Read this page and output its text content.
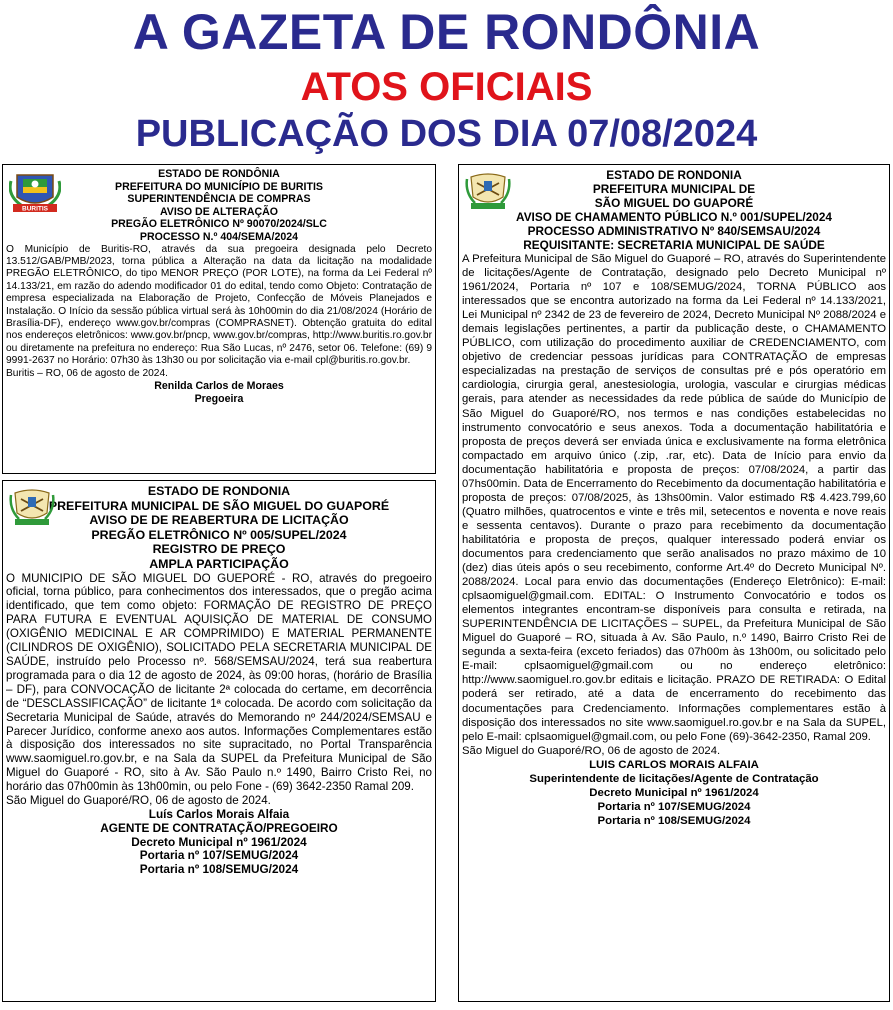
A GAZETA DE RONDÔNIA
ATOS OFICIAIS
PUBLICAÇÃO DOS DIA 07/08/2024
BURITIS

ESTADO DE RONDÔNIA

PREFEITURA DO MUNICÍPIO DE BURITIS

SUPERINTENDÊNCIA DE COMPRAS

AVISO DE ALTERAÇÃO

PREGÃO ELETRÔNICO Nº 90070/2024/SLC

PROCESSO N.º 404/SEMA/2024

O Município de Buritis-RO, através da sua pregoeira designada pelo Decreto 13.512/GAB/PMB/2023, torna pública a Alteração na data da licitação na modalidade PREGÃO ELETRÔNICO, do tipo MENOR PREÇO (POR LOTE), na forma da Lei Federal nº 14.133/21, em razão do adendo modificador 01 do edital, tendo como Objeto: Contratação de empresa especializada na Elaboração de Projeto, Confecção de Móveis Planejados e Instalação. O Início da sessão pública virtual será às 10h00min do dia 21/08/2024 (Horário de Brasília-DF), endereço www.gov.br/compras (COMPRASNET). Obtenção gratuita do edital nos endereços eletrônicos: www.gov.br/pncp, www.gov.br/compras, http://www.buritis.ro.gov.br ou diretamente na prefeitura no endereço: Rua São Lucas, nº 2476, setor 06. Telefone: (69) 9 9991-2637 no Horário: 07h30 às 13h30 ou por solicitação via e-mail cpl@buritis.ro.gov.br.

Buritis – RO, 06 de agosto de 2024.

Renilda Carlos de Moraes

Pregoeira

ESTADO DE RONDONIA

PREFEITURA MUNICIPAL DE SÃO MIGUEL DO GUAPORÉ

AVISO DE DE REABERTURA DE LICITAÇÃO

PREGÃO ELETRÔNICO Nº 005/SUPEL/2024

REGISTRO DE PREÇO

AMPLA PARTICIPAÇÃO

O MUNICIPIO DE SÃO MIGUEL DO GUEPORÉ - RO, através do pregoeiro oficial, torna público, para conhecimentos dos interessados, que o pregão acima identificado, que tem como objeto: FORMAÇÃO DE REGISTRO DE PREÇO PARA FUTURA E EVENTUAL AQUISIÇÃO DE MATERIAL DE CONSUMO (OXIGÊNIO MEDICINAL E AR COMPRIMIDO) E MATERIAL PERMANENTE (CILINDROS DE OXIGÊNIO), SOLICITADO PELA SECRETARIA MUNICIPAL DE SAÚDE, instruído pelo Processo nº. 568/SEMSAU/2024, terá sua reabertura programada para o dia 12 de agosto de 2024, às 09:00 horas, (horário de Brasília – DF), para CONVOCAÇÃO de licitante 2ª colocada do certame, em decorrência de “DESCLASSIFICAÇÃO” de licitante 1ª colocada. De acordo com solicitação da Secretaria Municipal de Saúde, através do Memorando nº 244/2024/SEMSAU e Parecer Jurídico, conforme anexo aos autos. Informações Complementares estão à disposição dos interessados no site supracitado, no Portal Transparência www.saomiguel.ro.gov.br, e na Sala da SUPEL da Prefeitura Municipal de São Miguel do Guaporé - RO, sito à Av. São Paulo n.º 1490, Bairro Cristo Rei, no horário das 07h00min às 13h00min, ou pelo Fone - (69) 3642-2350 Ramal 209.

São Miguel do Guaporé/RO, 06 de agosto de 2024.

Luís Carlos Morais Alfaia

AGENTE DE CONTRATAÇÃO/PREGOEIRO

Decreto Municipal nº 1961/2024

Portaria nº 107/SEMUG/2024

Portaria nº 108/SEMUG/2024

ESTADO DE RONDONIA

PREFEITURA MUNICIPAL DE

SÃO MIGUEL DO GUAPORÉ

AVISO DE CHAMAMENTO PÚBLICO N.º 001/SUPEL/2024

PROCESSO ADMINISTRATIVO Nº 840/SEMSAU/2024

REQUISITANTE: SECRETARIA MUNICIPAL DE SAÚDE

A Prefeitura Municipal de São Miguel do Guaporé – RO, através do Superintendente de licitações/Agente de Contratação, designado pelo Decreto Municipal nº 1961/2024, Portaria nº 107 e 108/SEMUG/2024, TORNA PÚBLICO aos interessados que se encontra autorizado na forma da Lei Federal nº 14.133/2021, Lei Municipal nº 2342 de 23 de fevereiro de 2024, Decreto Municipal Nº 2088/2024 e demais legislações pertinentes, a partir da publicação deste, o CHAMAMENTO PÚBLICO, com utilização do procedimento auxiliar de CREDENCIAMENTO, com objetivo de credenciar pessoas jurídicas para CONTRATAÇÃO de empresas especializadas na prestação de serviços de consultas pré e pós operatório em cardiologia, cirurgia geral, anestesiologia, urologia, vascular e cirurgias médicas gerais, para atender as necessidades da rede pública de saúde do Município de São Miguel do Guaporé/RO, nos termos e nas condições estabelecidas no instrumento convocatório e seus anexos. Toda a documentação habilitatória e proposta de preços deverá ser enviada única e exclusivamente na forma eletrônica compactado em arquivo único (.zip, .rar, etc). Data de Início para envio da documentação habilitatória e proposta de preços: 07/08/2024, a partir das 07hs00min. Data de Encerramento do Recebimento da documentação habilitatória e proposta de preços: 07/08/2025, às 13hs00min. Valor estimado R$ 4.423.799,60 (Quatro milhões, quatrocentos e vinte e três mil, setecentos e noventa e nove reais e sessenta centavos). Durante o prazo para recebimento da documentação habilitatória e proposta de preços, qualquer interessado poderá enviar os documentos para credenciamento que serão analisados no prazo máximo de 10 (dez) dias úteis após o seu recebimento, conforme Art.4º do Decreto Municipal Nº. 2088/2024. Local para envio das documentações (Endereço Eletrônico): E-mail: cplsaomiguel@gmail.com. EDITAL: O Instrumento Convocatório e todos os elementos integrantes encontram-se disponíveis para consulta e retirada, na SUPERINTENDÊNCIA DE LICITAÇÕES – SUPEL, da Prefeitura Municipal de São Miguel do Guaporé – RO, situada à Av. São Paulo, n.º 1490, Bairro Cristo Rei de segunda a sexta-feira (exceto feriados) das 07h00m às 13h00m, ou solicitado pelo E-mail: cplsaomiguel@gmail.com ou no endereço eletrônico: http://www.saomiguel.ro.gov.br editais e licitação. PRAZO DE RETIRADA: O Edital poderá ser retirado, até a data de encerramento do recebimento das documentações para Credenciamento. Informações complementares estão à disposição dos interessados no site www.saomiguel.ro.gov.br e na Sala da SUPEL, pelo E-mail: cplsaomiguel@gmail.com, ou pelo Fone (69)-3642-2350, Ramal 209.

São Miguel do Guaporé/RO, 06 de agosto de 2024.

LUIS CARLOS MORAIS ALFAIA

Superintendente de licitações/Agente de Contratação

Decreto Municipal nº 1961/2024

Portaria nº 107/SEMUG/2024

Portaria nº 108/SEMUG/2024
